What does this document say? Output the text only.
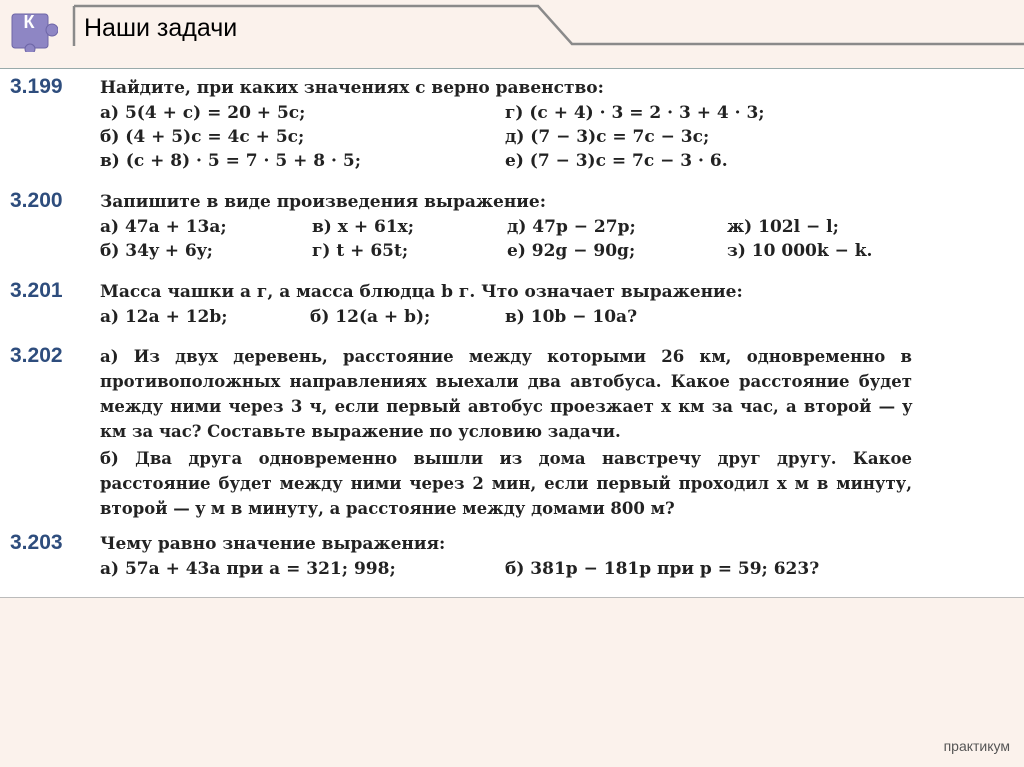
К	Наши задачи
3.199 Найдите, при каких значениях c верно равенство:
а) 5(4 + c) = 20 + 5c;	г) (c + 4) · 3 = 2 · 3 + 4 · 3;
б) (4 + 5)c = 4c + 5c;	д) (7 − 3)c = 7c − 3c;
в) (c + 8) · 5 = 7 · 5 + 8 · 5;	е) (7 − 3)c = 7c − 3 · 6.
3.200 Запишите в виде произведения выражение:
а) 47a + 13a;	в) x + 61x;	д) 47p − 27p;	ж) 102l − l;
б) 34y + 6y;	г) t + 65t;	е) 92g − 90g;	з) 10 000k − k.
3.201 Масса чашки a г, а масса блюдца b г. Что означает выражение:
а) 12a + 12b;	б) 12(a + b);	в) 10b − 10a?
3.202 а) Из двух деревень, расстояние между которыми 26 км, одновременно в противоположных направлениях выехали два автобуса. Какое расстояние будет между ними через 3 ч, если первый автобус проезжает x км за час, а второй — y км за час? Составьте выражение по условию задачи.
б) Два друга одновременно вышли из дома навстречу друг другу. Какое расстояние будет между ними через 2 мин, если первый проходил x м в минуту, второй — y м в минуту, а расстояние между домами 800 м?
3.203 Чему равно значение выражения:
а) 57a + 43a при a = 321; 998;	б) 381p − 181p при p = 59; 623?
практикум
